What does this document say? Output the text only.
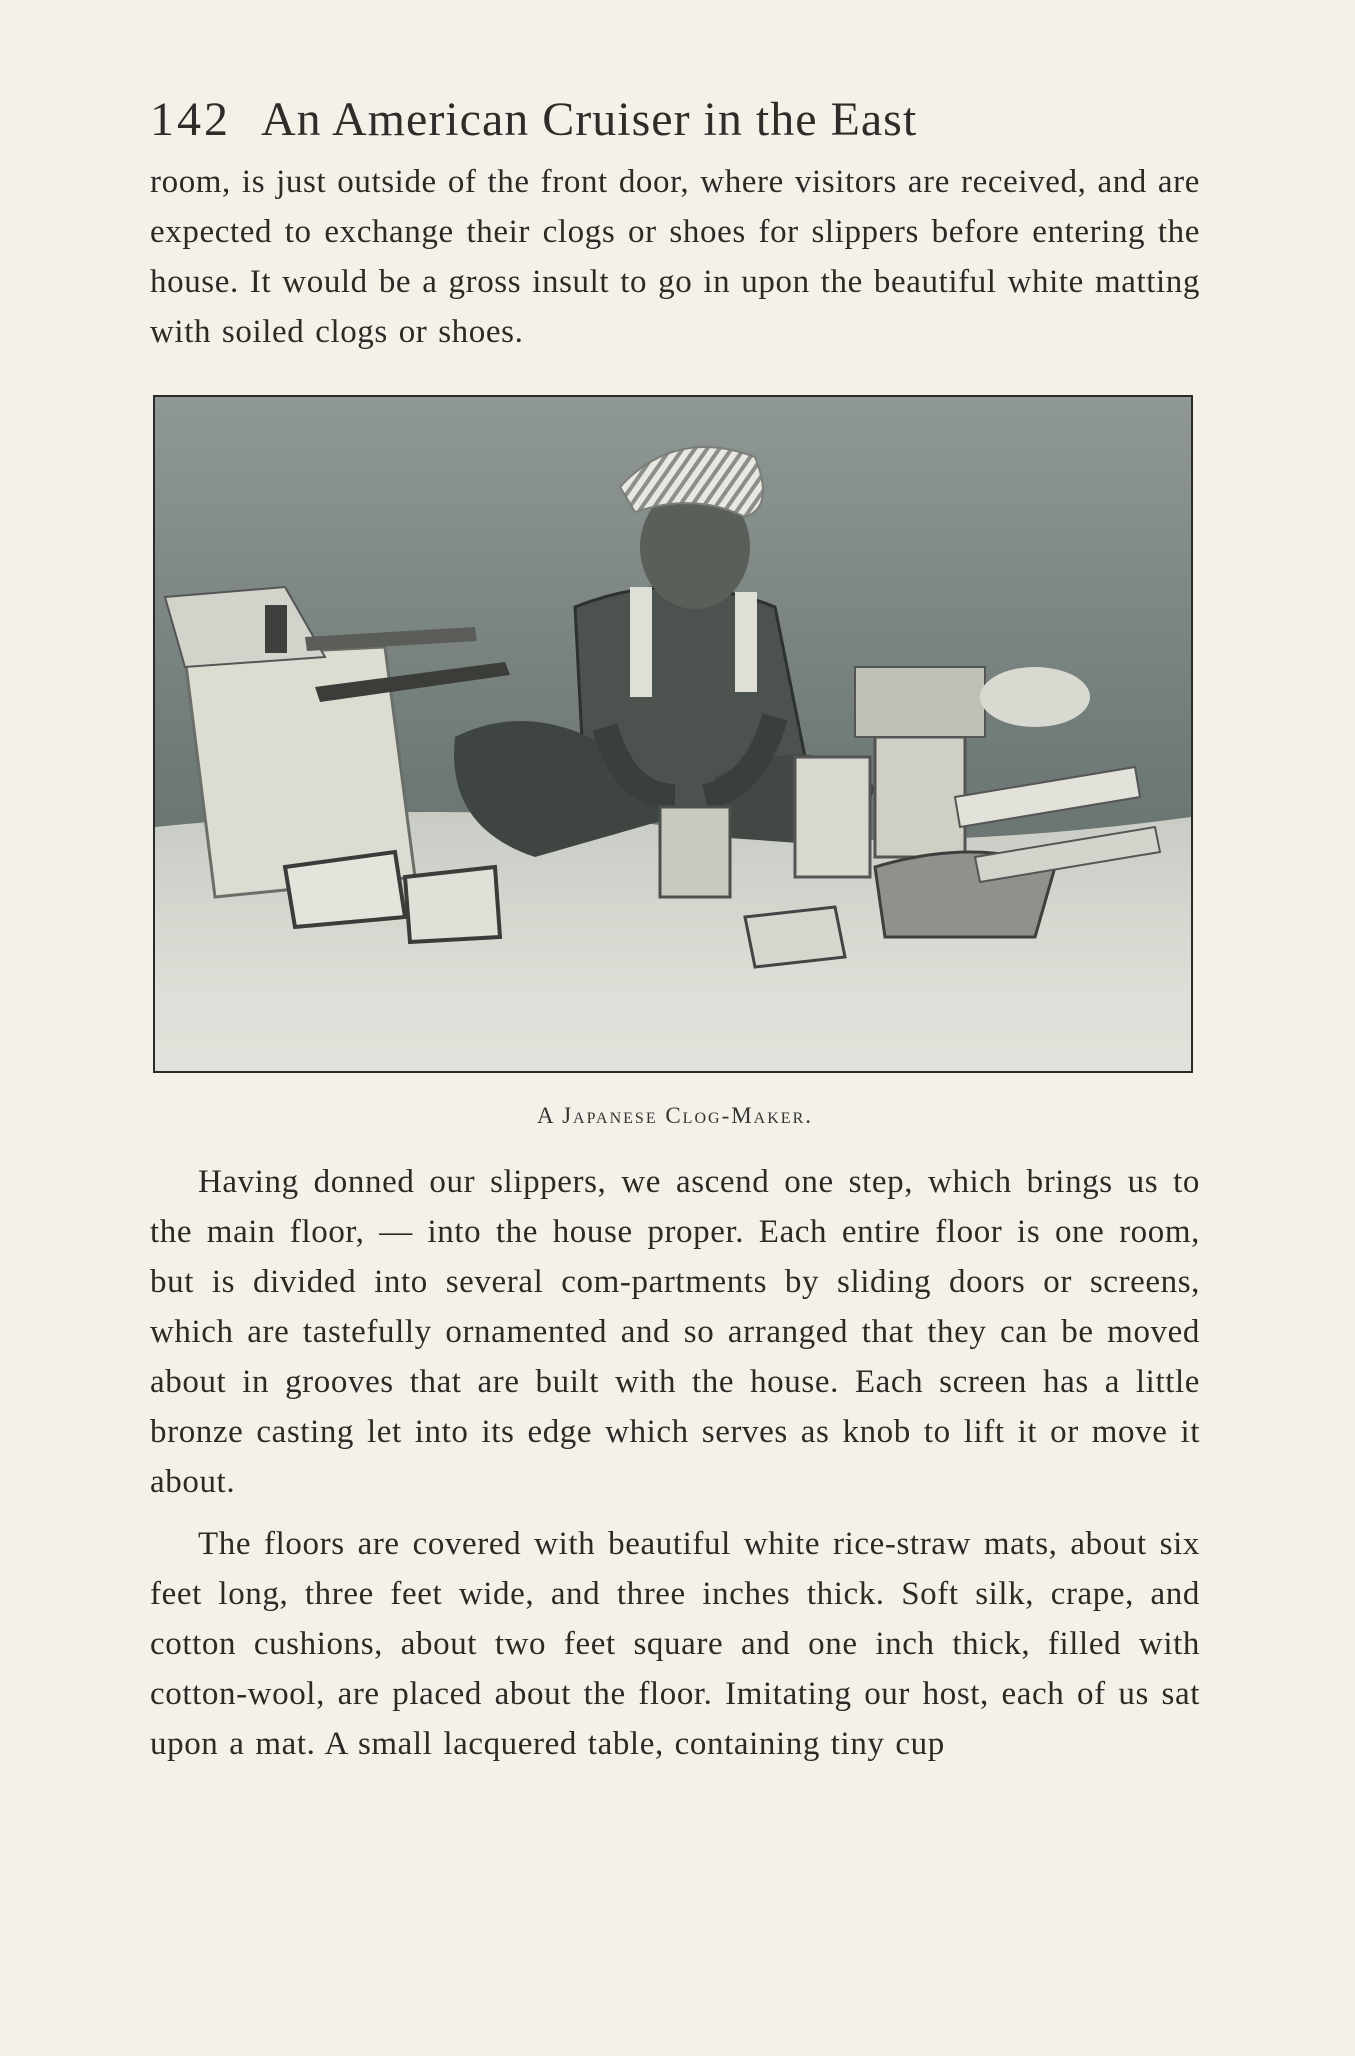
142 An American Cruiser in the East

room, is just outside of the front door, where visitors are received, and are expected to exchange their clogs or shoes for slippers before entering the house. It would be a gross insult to go in upon the beautiful white matting with soiled clogs or shoes.

A Japanese Clog-Maker.

Having donned our slippers, we ascend one step, which brings us to the main floor, — into the house proper. Each entire floor is one room, but is divided into several com-partments by sliding doors or screens, which are tastefully ornamented and so arranged that they can be moved about in grooves that are built with the house. Each screen has a little bronze casting let into its edge which serves as knob to lift it or move it about.

The floors are covered with beautiful white rice-straw mats, about six feet long, three feet wide, and three inches thick. Soft silk, crape, and cotton cushions, about two feet square and one inch thick, filled with cotton-wool, are placed about the floor. Imitating our host, each of us sat upon a mat. A small lacquered table, containing tiny cup
